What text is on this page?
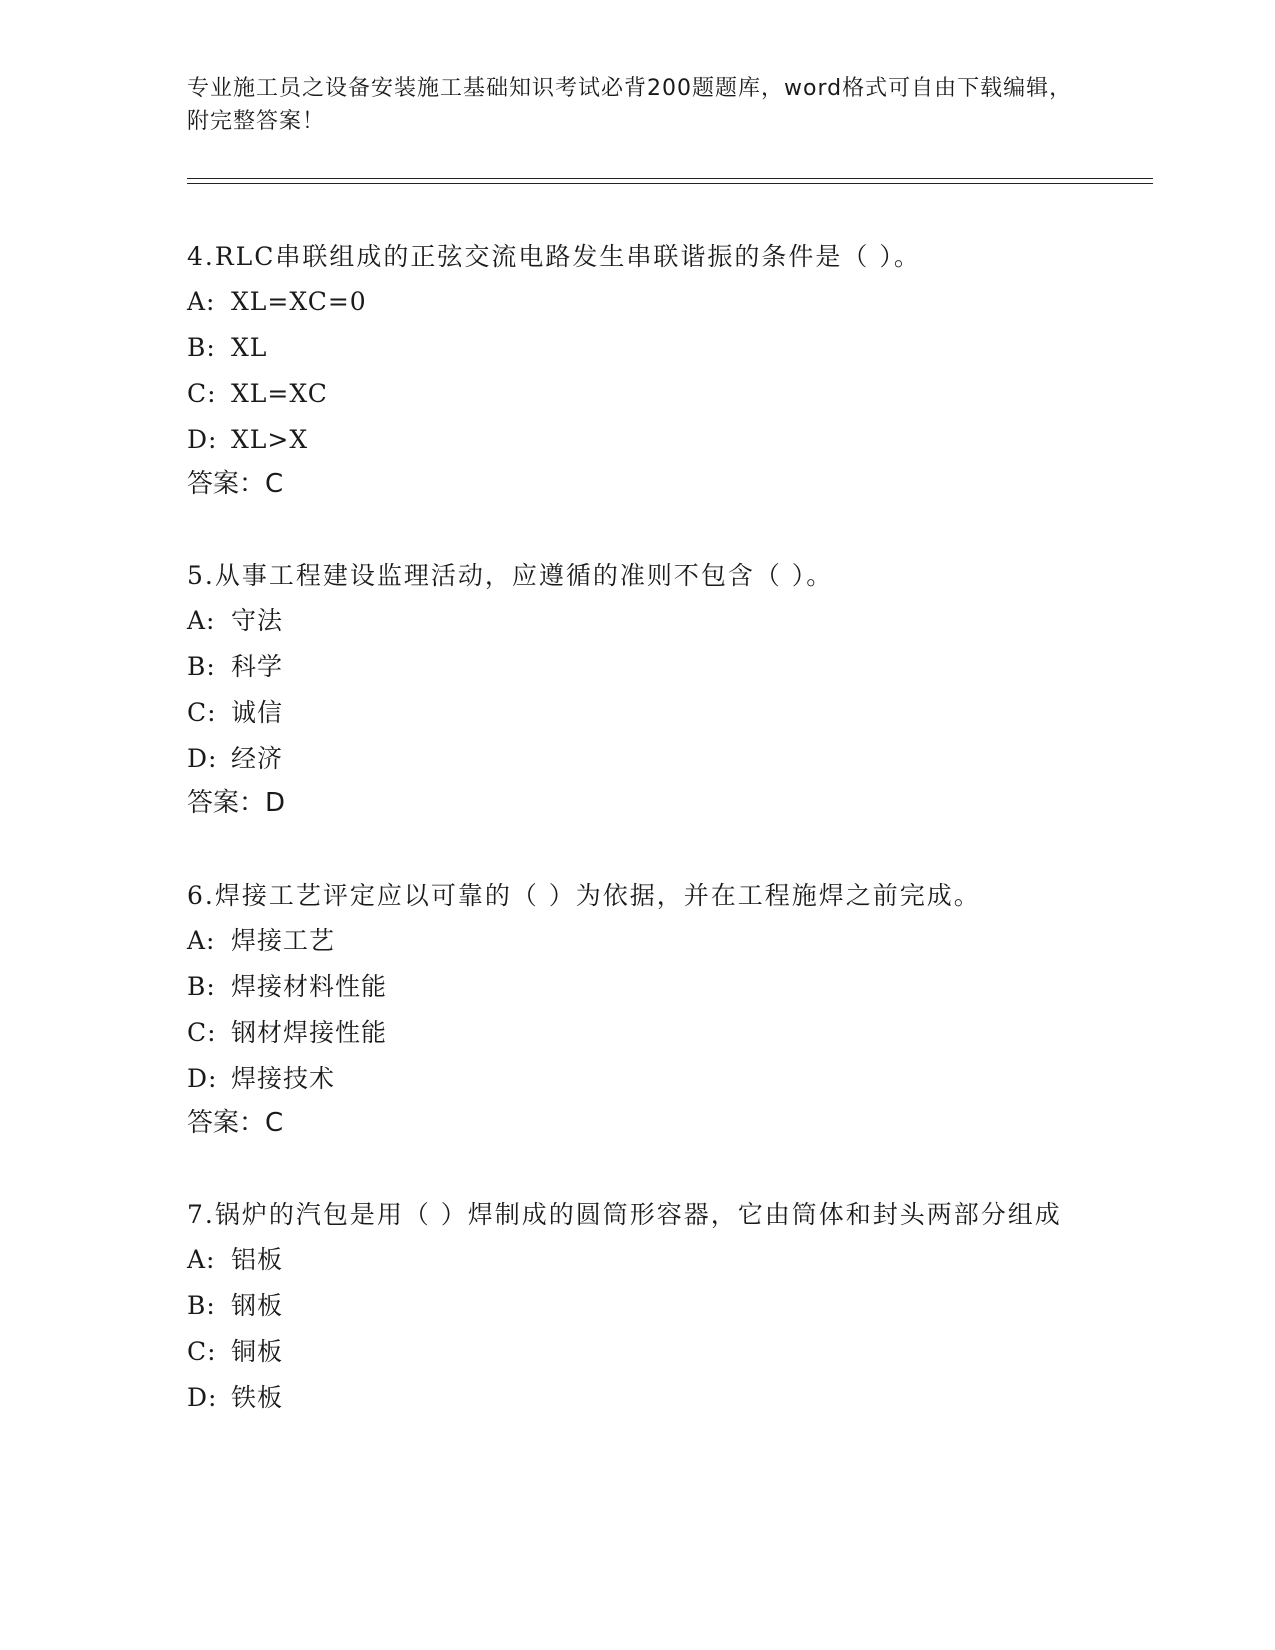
专业施工员之设备安装施工基础知识考试必背200题题库，word格式可自由下载编辑，附完整答案！

4.RLC串联组成的正弦交流电路发生串联谐振的条件是（ ）。

A: XL=XC=0

B: XL

C: XL=XC

D: XL>X

答案：C

5.从事工程建设监理活动，应遵循的准则不包含（ ）。

A: 守法

B: 科学

C: 诚信

D: 经济

答案：D

6.焊接工艺评定应以可靠的（ ）为依据，并在工程施焊之前完成。

A: 焊接工艺

B: 焊接材料性能

C: 钢材焊接性能

D: 焊接技术

答案：C

7.锅炉的汽包是用（ ）焊制成的圆筒形容器，它由筒体和封头两部分组成

A: 铝板

B: 钢板

C: 铜板

D: 铁板
